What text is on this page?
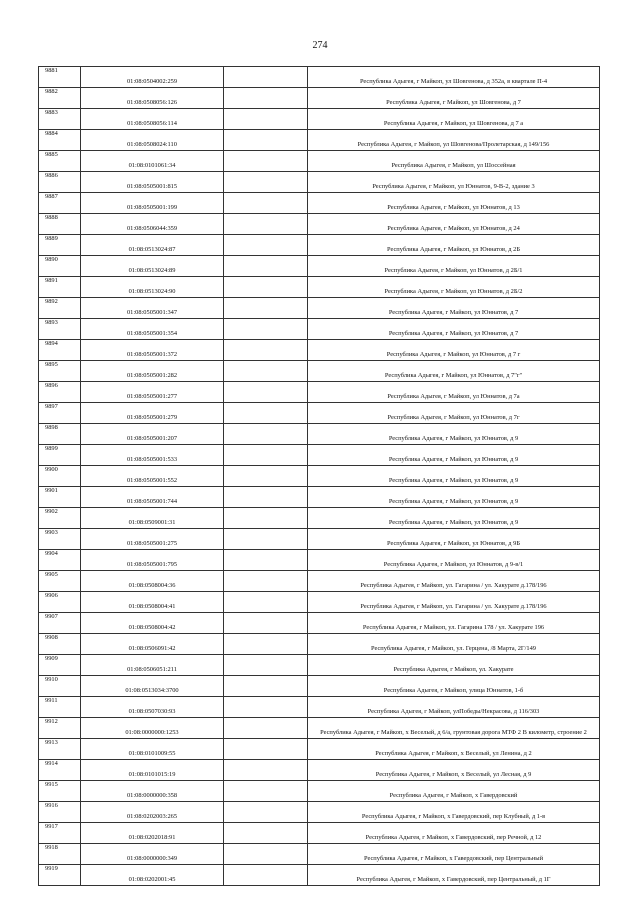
274
9881	01:08:0504002:259		Республика Адыгея, г Майкоп, ул Шовгенова, д 352а, в квартале П-4
9882	01:08:0508056:126		Республика Адыгея, г Майкоп, ул Шовгенова, д 7
9883	01:08:0508056:114		Республика Адыгея, г Майкоп, ул Шовгенова, д 7 а
9884	01:08:0508024:110		Республика Адыгея, г Майкоп, ул Шовгенова/Пролетарская, д 149/156
9885	01:08:0101061:34		Республика Адыгея, г Майкоп, ул Шоссейная
9886	01:08:0505001:815		Республика Адыгея, г Майкоп, ул Юннатов, 9-В-2, здание 3
9887	01:08:0505001:199		Республика Адыгея, г Майкоп, ул Юннатов, д 13
9888	01:08:0506044:359		Республика Адыгея, г Майкоп, ул Юннатов, д 24
9889	01:08:0513024:87		Республика Адыгея, г Майкоп, ул Юннатов, д 2Б
9890	01:08:0513024:89		Республика Адыгея, г Майкоп, ул Юннатов, д 2Б/1
9891	01:08:0513024:90		Республика Адыгея, г Майкоп, ул Юннатов, д 2Б/2
9892	01:08:0505001:347		Республика Адыгея, г Майкоп, ул Юннатов, д 7
9893	01:08:0505001:354		Республика Адыгея, г Майкоп, ул Юннатов, д 7
9894	01:08:0505001:372		Республика Адыгея, г Майкоп, ул Юннатов, д 7 г
9895	01:08:0505001:282		Республика Адыгея, г Майкоп, ул Юннатов, д 7"г"
9896	01:08:0505001:277		Республика Адыгея, г Майкоп, ул Юннатов, д 7а
9897	01:08:0505001:279		Республика Адыгея, г Майкоп, ул Юннатов, д 7г
9898	01:08:0505001:207		Республика Адыгея, г Майкоп, ул Юннатов, д 9
9899	01:08:0505001:533		Республика Адыгея, г Майкоп, ул Юннатов, д 9
9900	01:08:0505001:552		Республика Адыгея, г Майкоп, ул Юннатов, д 9
9901	01:08:0505001:744		Республика Адыгея, г Майкоп, ул Юннатов, д 9
9902	01:08:0509001:31		Республика Адыгея, г Майкоп, ул Юннатов, д 9
9903	01:08:0505001:275		Республика Адыгея, г Майкоп, ул Юннатов, д 9Б
9904	01:08:0505001:795		Республика Адыгея, г Майкоп, ул Юннатов, д 9-в/1
9905	01:08:0508004:36		Республика Адыгея, г Майкоп, ул. Гагарина / ул. Хакурате д.178/196
9906	01:08:0508004:41		Республика Адыгея, г Майкоп, ул. Гагарина / ул. Хакурате д.178/196
9907	01:08:0508004:42		Республика Адыгея, г Майкоп, ул. Гагарина 178 / ул. Хакурате 196
9908	01:08:0506091:42		Республика Адыгея, г Майкоп, ул. Герцена, /8 Марта, 2Г/149
9909	01:08:0506051:211		Республика Адыгея, г Майкоп, ул. Хакурате
9910	01:08:0513034:3700		Республика Адыгея, г Майкоп, улица Юннатов, 1-б
9911	01:08:0507030:93		Республика Адыгея, г Майкоп, улПобеды/Некрасова, д 116/303
9912	01:08:0000000:1253		Республика Адыгея, г Майкоп, х Веселый, д 6/а, грунтовая дорога МТФ 2 В километр, строение 2
9913	01:08:0101009:55		Республика Адыгея, г Майкоп, х Веселый, ул Ленина, д 2
9914	01:08:0101015:19		Республика Адыгея, г Майкоп, х Веселый, ул Лесная, д 9
9915	01:08:0000000:358		Республика Адыгея, г Майкоп, х Гавердовский
9916	01:08:0202003:265		Республика Адыгея, г Майкоп, х Гавердовский, пер Клубный, д 1-в
9917	01:08:0202018:91		Республика Адыгея, г Майкоп, х Гавердовский, пер Речной, д 12
9918	01:08:0000000:349		Республика Адыгея, г Майкоп, х Гавердовский, пер Центральный
9919	01:08:0202001:45		Республика Адыгея, г Майкоп, х Гавердовский, пер Центральный, д 1Г
